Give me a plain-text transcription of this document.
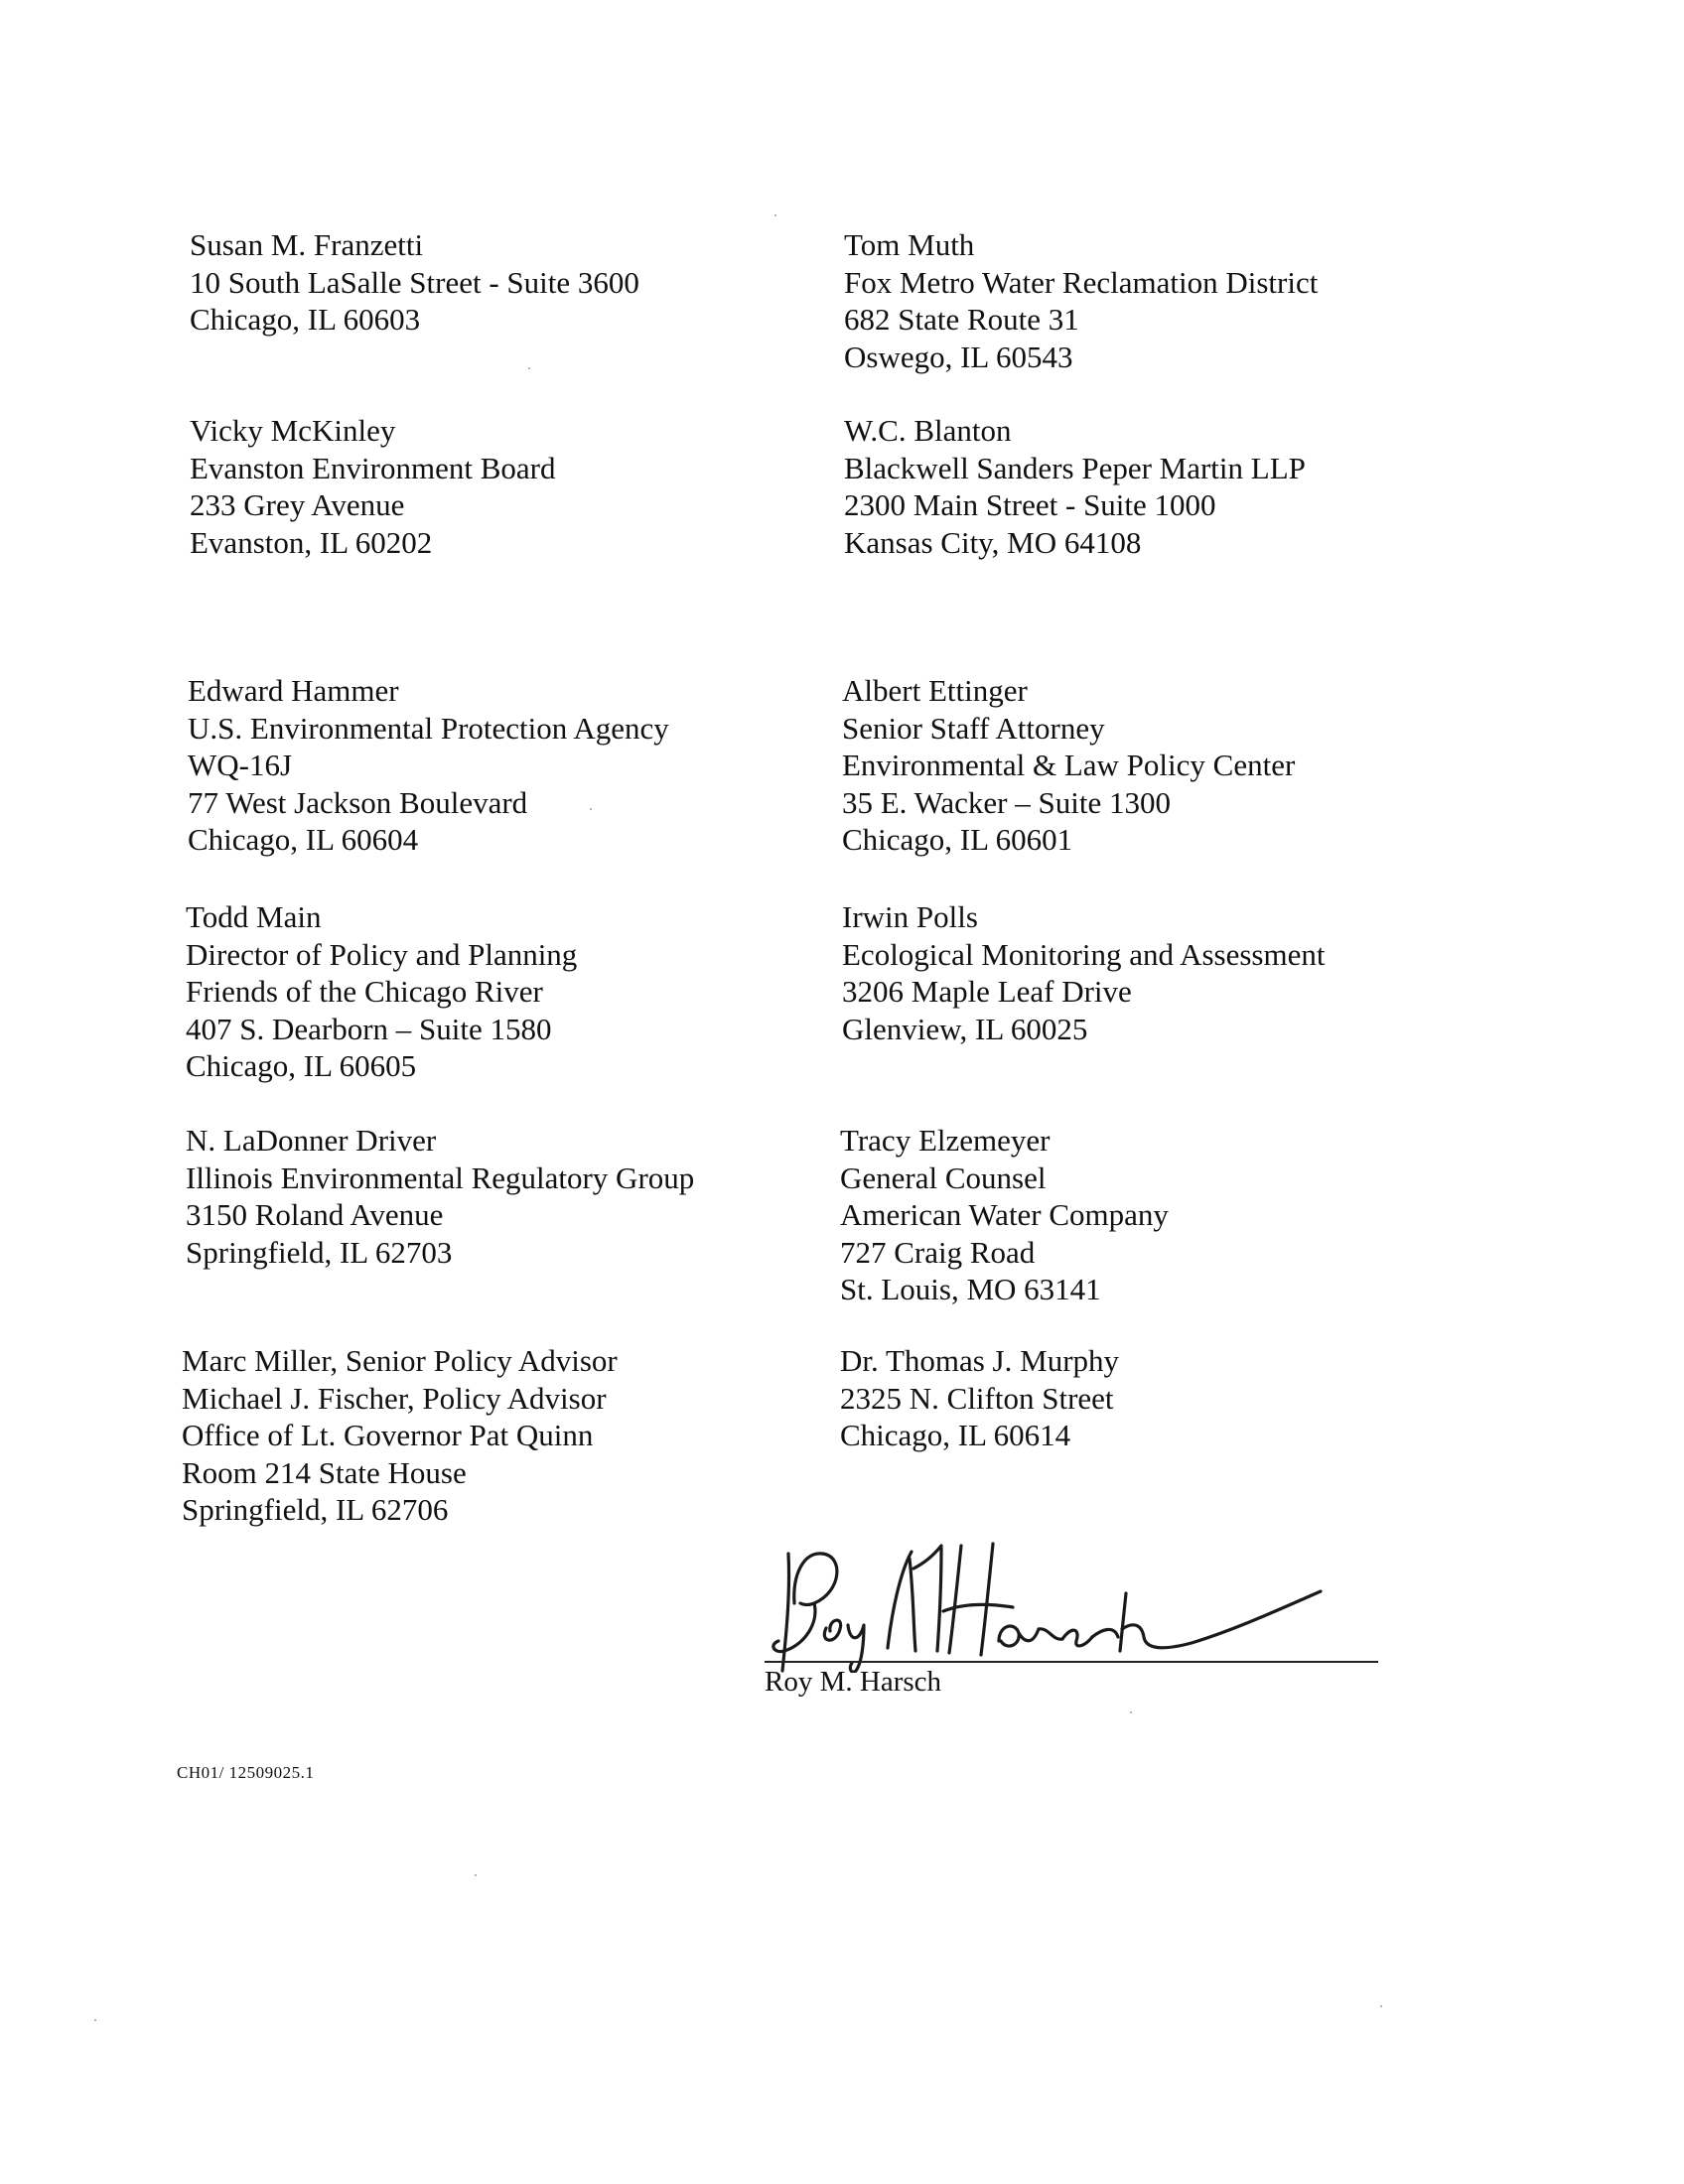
Susan M. Franzetti
10 South LaSalle Street - Suite 3600
Chicago, IL 60603
Vicky McKinley
Evanston Environment Board
233 Grey Avenue
Evanston, IL 60202
Edward Hammer
U.S. Environmental Protection Agency
WQ-16J
77 West Jackson Boulevard
Chicago, IL 60604
Todd Main
Director of Policy and Planning
Friends of the Chicago River
407 S. Dearborn – Suite 1580
Chicago, IL 60605
N. LaDonner Driver
Illinois Environmental Regulatory Group
3150 Roland Avenue
Springfield, IL 62703
Marc Miller, Senior Policy Advisor
Michael J. Fischer, Policy Advisor
Office of Lt. Governor Pat Quinn
Room 214 State House
Springfield, IL 62706
Tom Muth
Fox Metro Water Reclamation District
682 State Route 31
Oswego, IL 60543
W.C. Blanton
Blackwell Sanders Peper Martin LLP
2300 Main Street - Suite 1000
Kansas City, MO 64108
Albert Ettinger
Senior Staff Attorney
Environmental & Law Policy Center
35 E. Wacker – Suite 1300
Chicago, IL 60601
Irwin Polls
Ecological Monitoring and Assessment
3206 Maple Leaf Drive
Glenview, IL 60025
Tracy Elzemeyer
General Counsel
American Water Company
727 Craig Road
St. Louis, MO 63141
Dr. Thomas J. Murphy
2325 N. Clifton Street
Chicago, IL 60614
Roy M. Harsch
CH01/ 12509025.1
